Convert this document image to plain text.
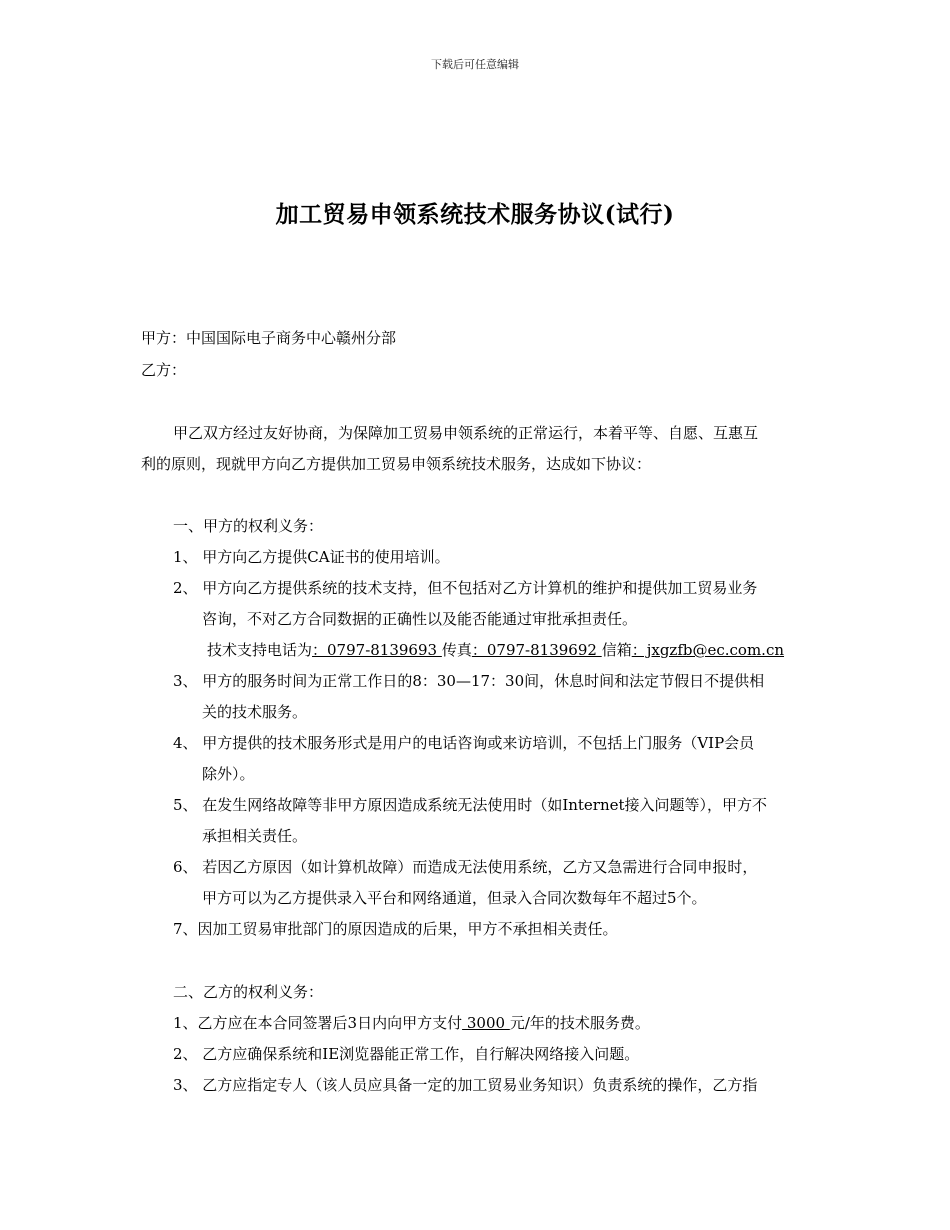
下载后可任意编辑
加工贸易申领系统技术服务协议(试行)
甲方：中国国际电子商务中心赣州分部
乙方：
甲乙双方经过友好协商，为保障加工贸易申领系统的正常运行，本着平等、自愿、互惠互
利的原则，现就甲方向乙方提供加工贸易申领系统技术服务，达成如下协议：
一、甲方的权利义务：
1、 甲方向乙方提供CA证书的使用培训。
2、 甲方向乙方提供系统的技术支持，但不包括对乙方计算机的维护和提供加工贸易业务
咨询，不对乙方合同数据的正确性以及能否能通过审批承担责任。
技术支持电话为：0797-8139693 传真：0797-8139692 信箱：jxgzfb@ec.com.cn
3、 甲方的服务时间为正常工作日的8：30—17：30间，休息时间和法定节假日不提供相
关的技术服务。
4、 甲方提供的技术服务形式是用户的电话咨询或来访培训，不包括上门服务（VIP会员
除外）。
5、 在发生网络故障等非甲方原因造成系统无法使用时（如Internet接入问题等），甲方不
承担相关责任。
6、 若因乙方原因（如计算机故障）而造成无法使用系统，乙方又急需进行合同申报时，
甲方可以为乙方提供录入平台和网络通道，但录入合同次数每年不超过5个。
7、因加工贸易审批部门的原因造成的后果，甲方不承担相关责任。
二、乙方的权利义务：
1、乙方应在本合同签署后3日内向甲方支付 3000 元/年的技术服务费。
2、 乙方应确保系统和IE浏览器能正常工作，自行解决网络接入问题。
3、 乙方应指定专人（该人员应具备一定的加工贸易业务知识）负责系统的操作，乙方指
